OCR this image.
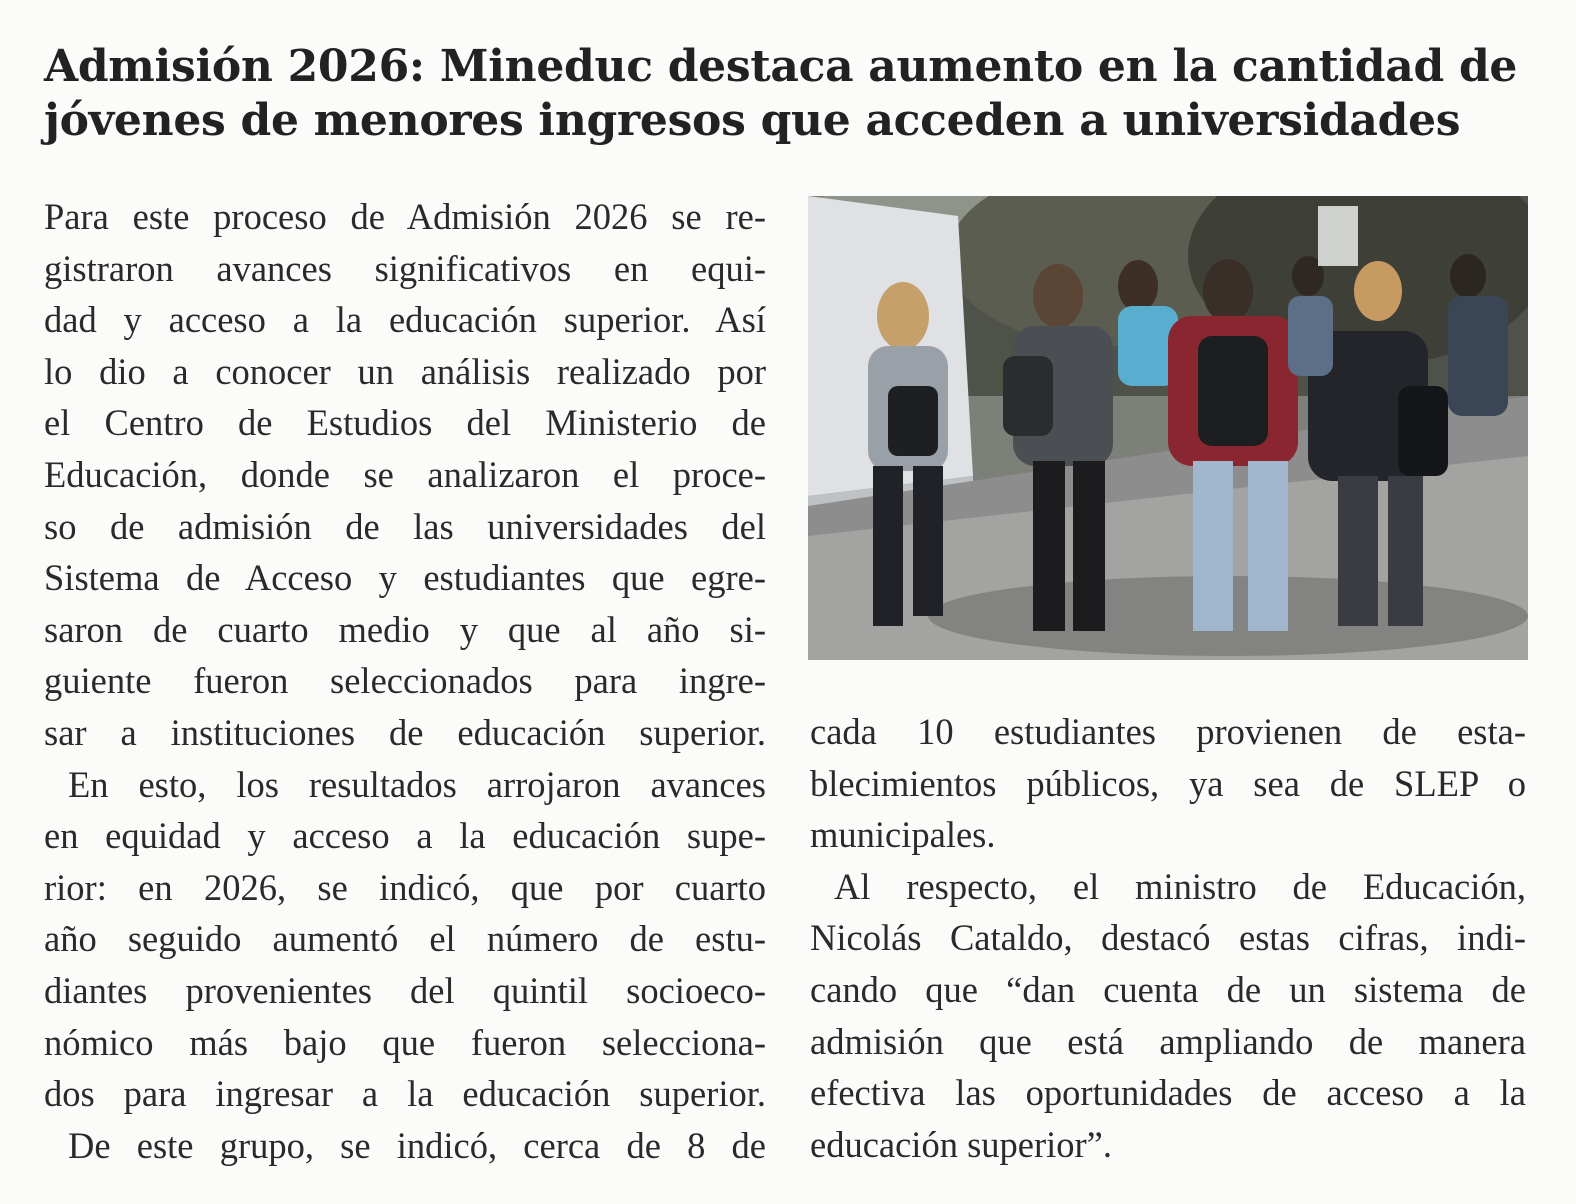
Admisión 2026: Mineduc destaca aumento en la cantidad de
jóvenes de menores ingresos que acceden a universidades

Para este proceso de Admisión 2026 se re-
gistraron avances significativos en equi-
dad y acceso a la educación superior. Así
lo dio a conocer un análisis realizado por
el Centro de Estudios del Ministerio de
Educación, donde se analizaron el proce-
so de admisión de las universidades del
Sistema de Acceso y estudiantes que egre-
saron de cuarto medio y que al año si-
guiente fueron seleccionados para ingre-
sar a instituciones de educación superior.

En esto, los resultados arrojaron avances
en equidad y acceso a la educación supe-
rior: en 2026, se indicó, que por cuarto
año seguido aumentó el número de estu-
diantes provenientes del quintil socioeco-
nómico más bajo que fueron selecciona-
dos para ingresar a la educación superior.

De este grupo, se indicó, cerca de 8 de

cada 10 estudiantes provienen de esta-
blecimientos públicos, ya sea de SLEP o
municipales.

Al respecto, el ministro de Educación,
Nicolás Cataldo, destacó estas cifras, indi-
cando que “dan cuenta de un sistema de
admisión que está ampliando de manera
efectiva las oportunidades de acceso a la
educación superior”.
